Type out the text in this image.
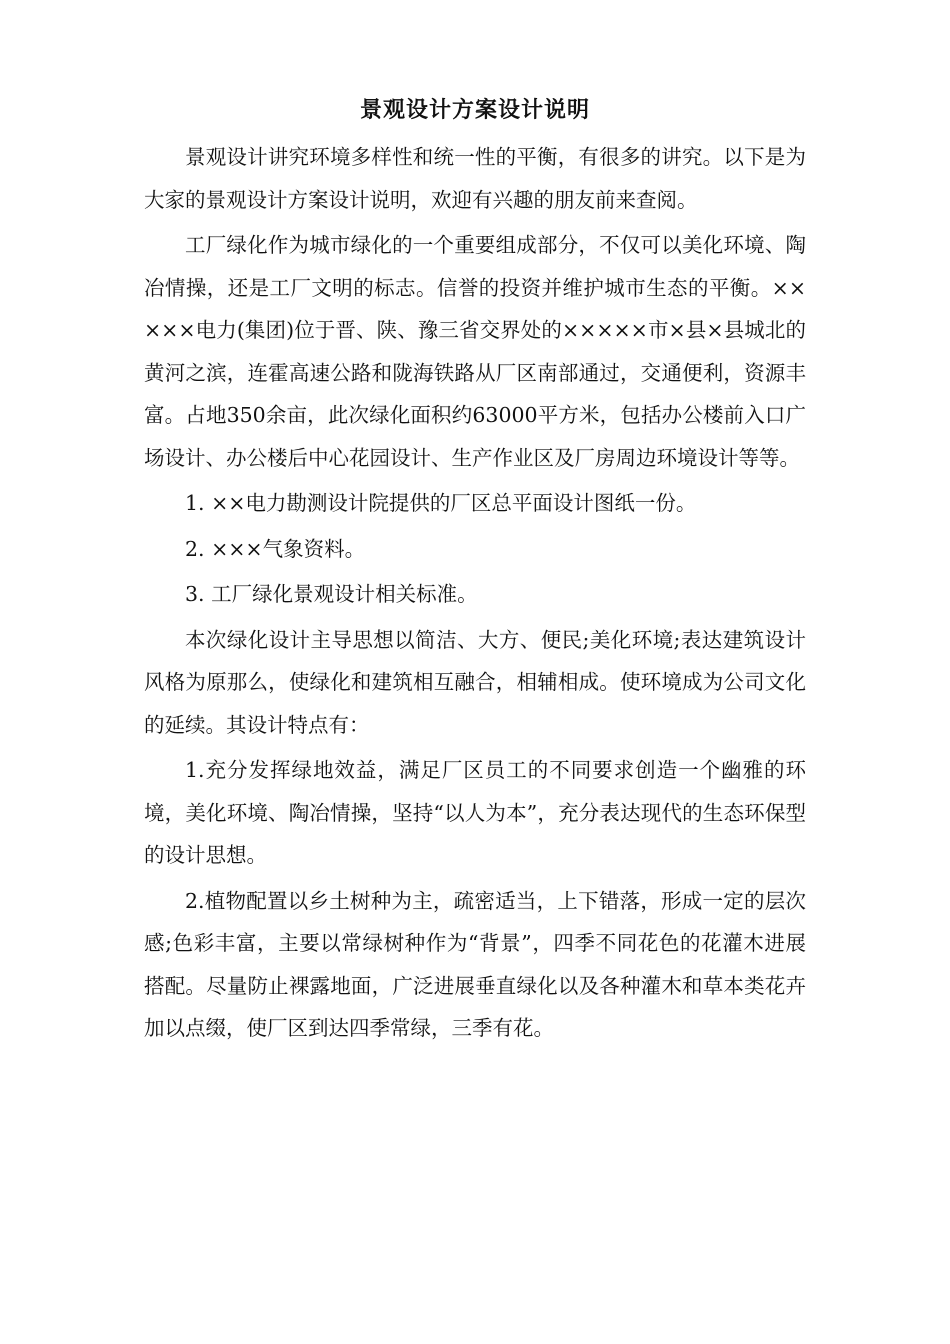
景观设计方案设计说明

景观设计讲究环境多样性和统一性的平衡，有很多的讲究。以下是为大家的景观设计方案设计说明，欢迎有兴趣的朋友前来查阅。

工厂绿化作为城市绿化的一个重要组成部分，不仅可以美化环境、陶冶情操，还是工厂文明的标志。信誉的投资并维护城市生态的平衡。×××××电力(集团)位于晋、陕、豫三省交界处的×××××市×县×县城北的黄河之滨，连霍高速公路和陇海铁路从厂区南部通过，交通便利，资源丰富。占地350余亩，此次绿化面积约63000平方米，包括办公楼前入口广场设计、办公楼后中心花园设计、生产作业区及厂房周边环境设计等等。

1. ××电力勘测设计院提供的厂区总平面设计图纸一份。

2. ×××气象资料。

3. 工厂绿化景观设计相关标准。

本次绿化设计主导思想以简洁、大方、便民;美化环境;表达建筑设计风格为原那么，使绿化和建筑相互融合，相辅相成。使环境成为公司文化的延续。其设计特点有：

1.充分发挥绿地效益，满足厂区员工的不同要求创造一个幽雅的环境，美化环境、陶冶情操，坚持“以人为本”，充分表达现代的生态环保型的设计思想。

2.植物配置以乡土树种为主，疏密适当，上下错落，形成一定的层次感;色彩丰富，主要以常绿树种作为“背景”，四季不同花色的花灌木进展搭配。尽量防止裸露地面，广泛进展垂直绿化以及各种灌木和草本类花卉加以点缀，使厂区到达四季常绿，三季有花。
